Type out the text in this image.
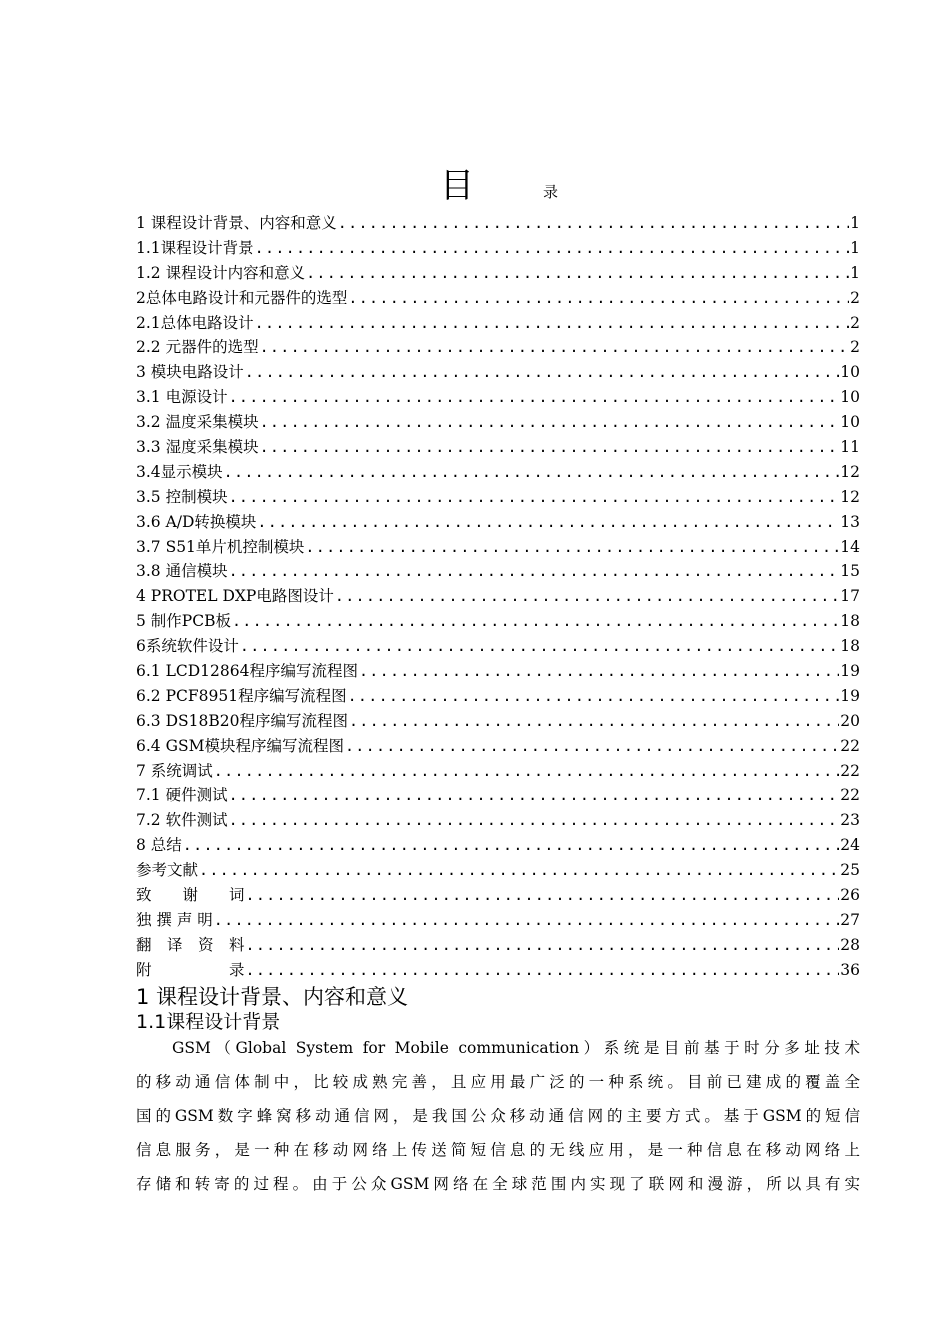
目	录
1 课程设计背景、内容和意义 .....	1
1.1课程设计背景 .....	1
1.2 课程设计内容和意义 .....	1
2总体电路设计和元器件的选型 .....	2
2.1总体电路设计 .....	2
2.2 元器件的选型 .....	2
3 模块电路设计 .....	10
3.1 电源设计 .....	10
3.2 温度采集模块 .....	10
3.3 湿度采集模块 .....	11
3.4显示模块 .....	12
3.5 控制模块 .....	12
3.6 A/D转换模块 .....	13
3.7 S51单片机控制模块 .....	14
3.8 通信模块 .....	15
4 PROTEL DXP电路图设计 .....	17
5 制作PCB板 .....	18
6系统软件设计 .....	18
6.1 LCD12864程序编写流程图 .....	19
6.2 PCF8951程序编写流程图 .....	19
6.3 DS18B20程序编写流程图 .....	20
6.4 GSM模块程序编写流程图 .....	22
7 系统调试 .....	22
7.1 硬件测试 .....	22
7.2 软件测试 .....	23
8 总结 .....	24
参考文献 .....	25
致　　谢　　词 .....	26
独 撰 声 明 .....	27
翻　译　资　料 .....	28
附　　　　　录 .....	36
1 课程设计背景、内容和意义
1.1课程设计背景
GSM（Global System for Mobile communication）系统是目前基于时分多址技术
的移动通信体制中，比较成熟完善，且应用最广泛的一种系统。目前已建成的覆盖全
国的GSM数字蜂窝移动通信网，是我国公众移动通信网的主要方式。基于GSM的短信
信息服务，是一种在移动网络上传送简短信息的无线应用，是一种信息在移动网络上
存储和转寄的过程。由于公众GSM网络在全球范围内实现了联网和漫游，所以具有实
